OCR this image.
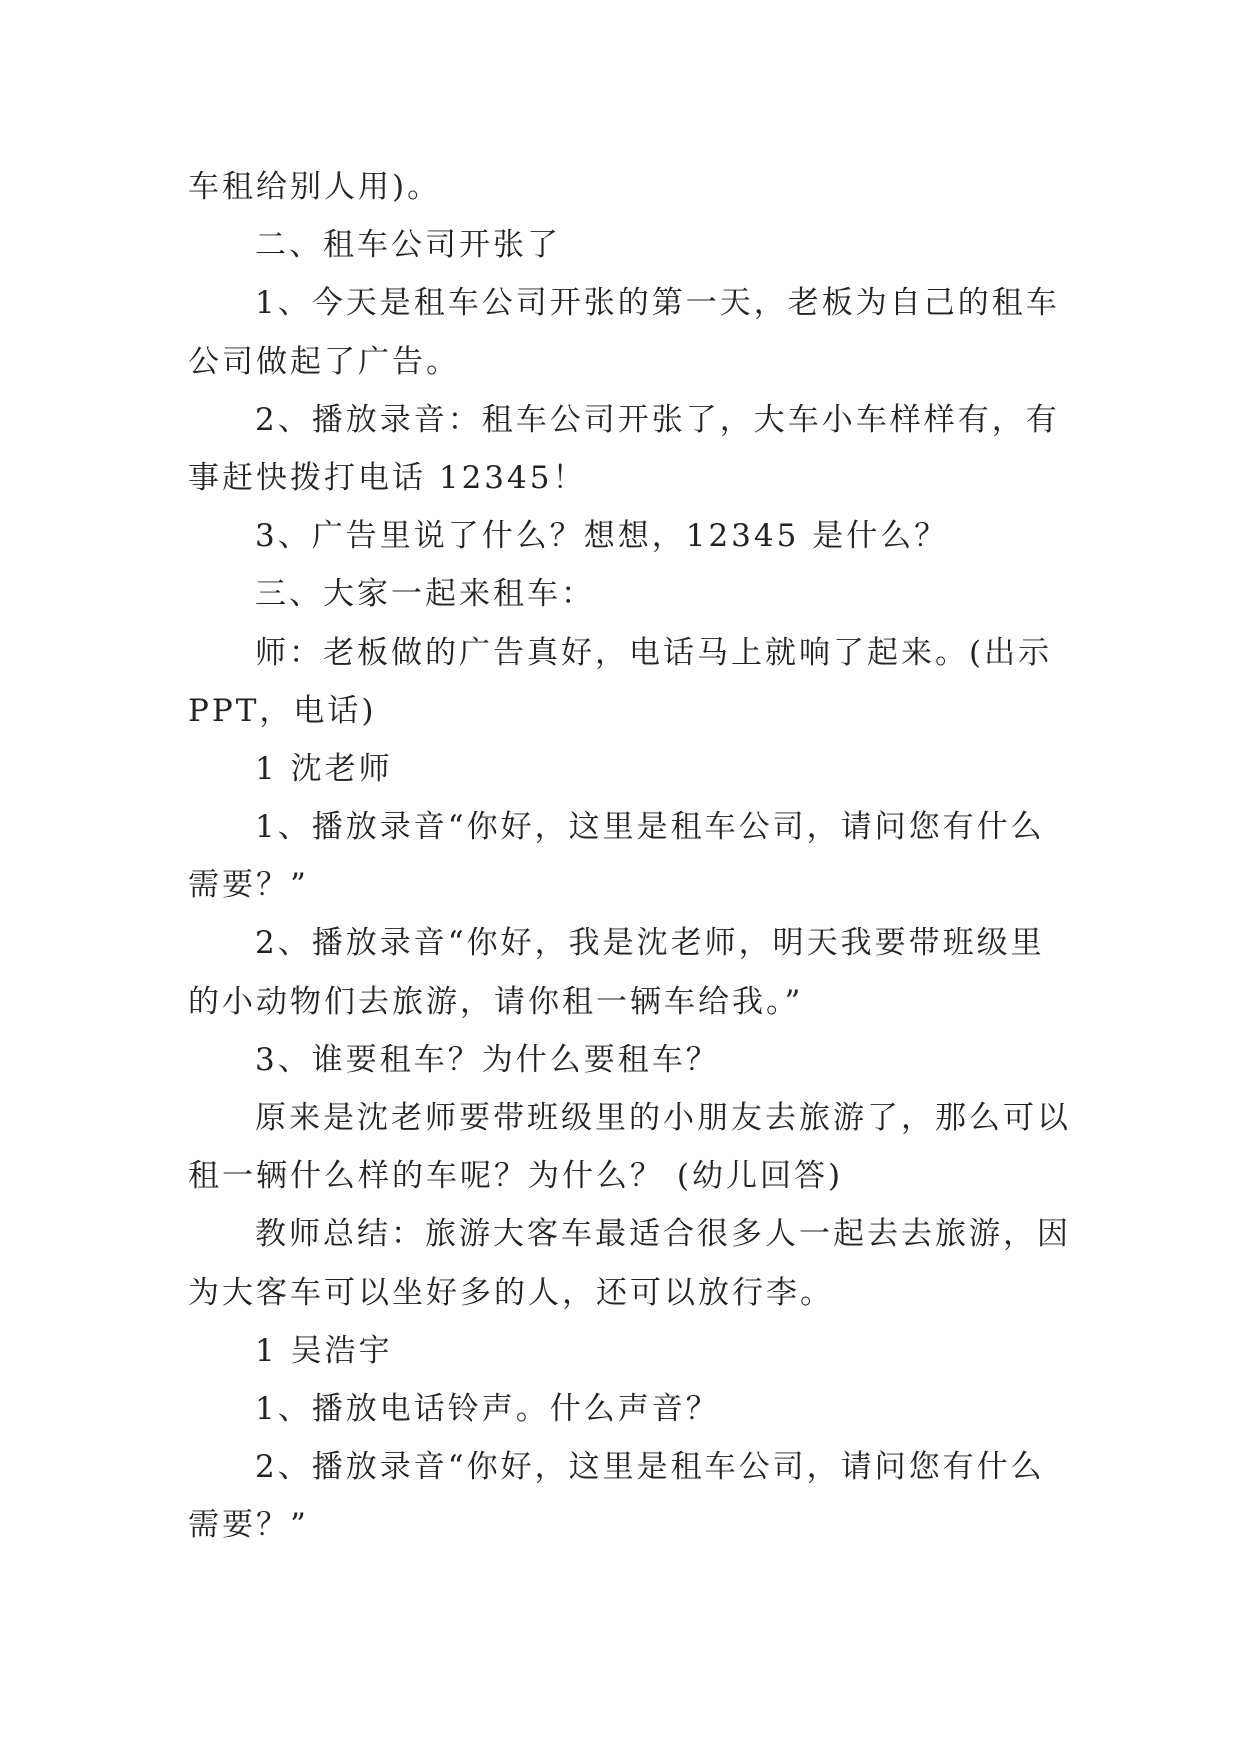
车租给别人用)。
二、租车公司开张了
1、今天是租车公司开张的第一天，老板为自己的租车
公司做起了广告。
2、播放录音：租车公司开张了，大车小车样样有，有
事赶快拨打电话 12345！
3、广告里说了什么？想想，12345 是什么？
三、大家一起来租车：
师：老板做的广告真好，电话马上就响了起来。(出示
PPT，电话)
1 沈老师
1、播放录音“你好，这里是租车公司，请问您有什么
需要？”
2、播放录音“你好，我是沈老师，明天我要带班级里
的小动物们去旅游，请你租一辆车给我。”
3、谁要租车？为什么要租车？
原来是沈老师要带班级里的小朋友去旅游了，那么可以
租一辆什么样的车呢？为什么？ (幼儿回答)
教师总结：旅游大客车最适合很多人一起去去旅游，因
为大客车可以坐好多的人，还可以放行李。
1 吴浩宇
1、播放电话铃声。什么声音？
2、播放录音“你好，这里是租车公司，请问您有什么
需要？”
